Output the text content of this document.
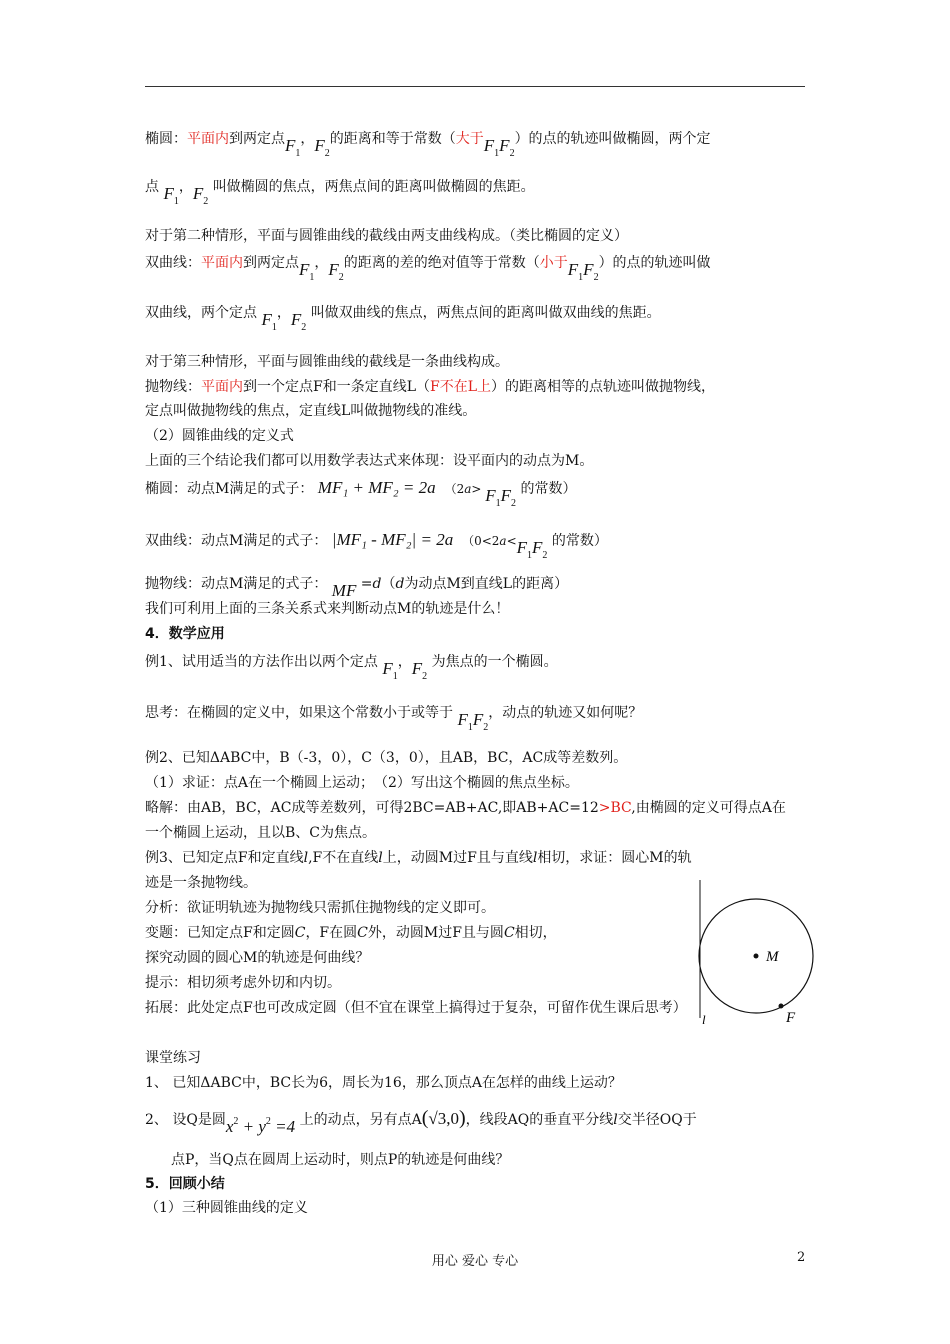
椭圆：平面内到两定点$F_1$，$F_2$的距离和等于常数（大于$F_1F_2$）的点的轨迹叫做椭圆，两个定
点 $F_1$，$F_2$ 叫做椭圆的焦点，两焦点间的距离叫做椭圆的焦距。
对于第二种情形，平面与圆锥曲线的截线由两支曲线构成。（类比椭圆的定义）
双曲线：平面内到两定点$F_1$，$F_2$的距离的差的绝对值等于常数（小于$F_1F_2$）的点的轨迹叫做
双曲线，两个定点 $F_1$，$F_2$ 叫做双曲线的焦点，两焦点间的距离叫做双曲线的焦距。
对于第三种情形，平面与圆锥曲线的截线是一条曲线构成。
抛物线：平面内到一个定点F和一条定直线L（F不在L上）的距离相等的点轨迹叫做抛物线，
定点叫做抛物线的焦点，定直线L叫做抛物线的准线。
（2）圆锥曲线的定义式
上面的三个结论我们都可以用数学表达式来体现：设平面内的动点为M。
椭圆：动点M满足的式子： MF₁ + MF₂ = 2a （$2a> F_1F_2$ 的常数）
双曲线：动点M满足的式子： |MF₁ - MF₂| = 2a （$0<2a<F_1F_2$ 的常数）
抛物线：动点M满足的式子： MF =d（d为动点M到直线L的距离）
我们可利用上面的三条关系式来判断动点M的轨迹是什么！
4．数学应用
例1、试用适当的方法作出以两个定点 $F_1$，$F_2$ 为焦点的一个椭圆。
思考：在椭圆的定义中，如果这个常数小于或等于 $F_1F_2$，动点的轨迹又如何呢？
例2、已知ΔABC中，B（-3，0），C（3，0），且AB，BC，AC成等差数列。
（1）求证：点A在一个椭圆上运动；　（2）写出这个椭圆的焦点坐标。
略解：由AB，BC，AC成等差数列，可得2BC=AB+AC,即AB+AC=12>BC,由椭圆的定义可得点A在
一个椭圆上运动，且以B、C为焦点。
例3、已知定点F和定直线l,F不在直线l上，动圆M过F且与直线l相切，求证：圆心M的轨
迹是一条抛物线。
分析：欲证明轨迹为抛物线只需抓住抛物线的定义即可。
变题：已知定点F和定圆C，F在圆C外，动圆M过F且与圆C相切，
探究动圆的圆心M的轨迹是何曲线？
提示：相切须考虑外切和内切。
拓展：此处定点F也可改成定圆（但不宜在课堂上搞得过于复杂，可留作优生课后思考）
M
F
l
课堂练习
1、 已知ΔABC中，BC长为6，周长为16，那么顶点A在怎样的曲线上运动？
2、 设Q是圆$x^2 + y^2 =4$ 上的动点，另有点A(√3,0)，线段AQ的垂直平分线l交半径OQ于
点P，当Q点在圆周上运动时，则点P的轨迹是何曲线？
5．回顾小结
（1）三种圆锥曲线的定义
用心 爱心 专心	2
